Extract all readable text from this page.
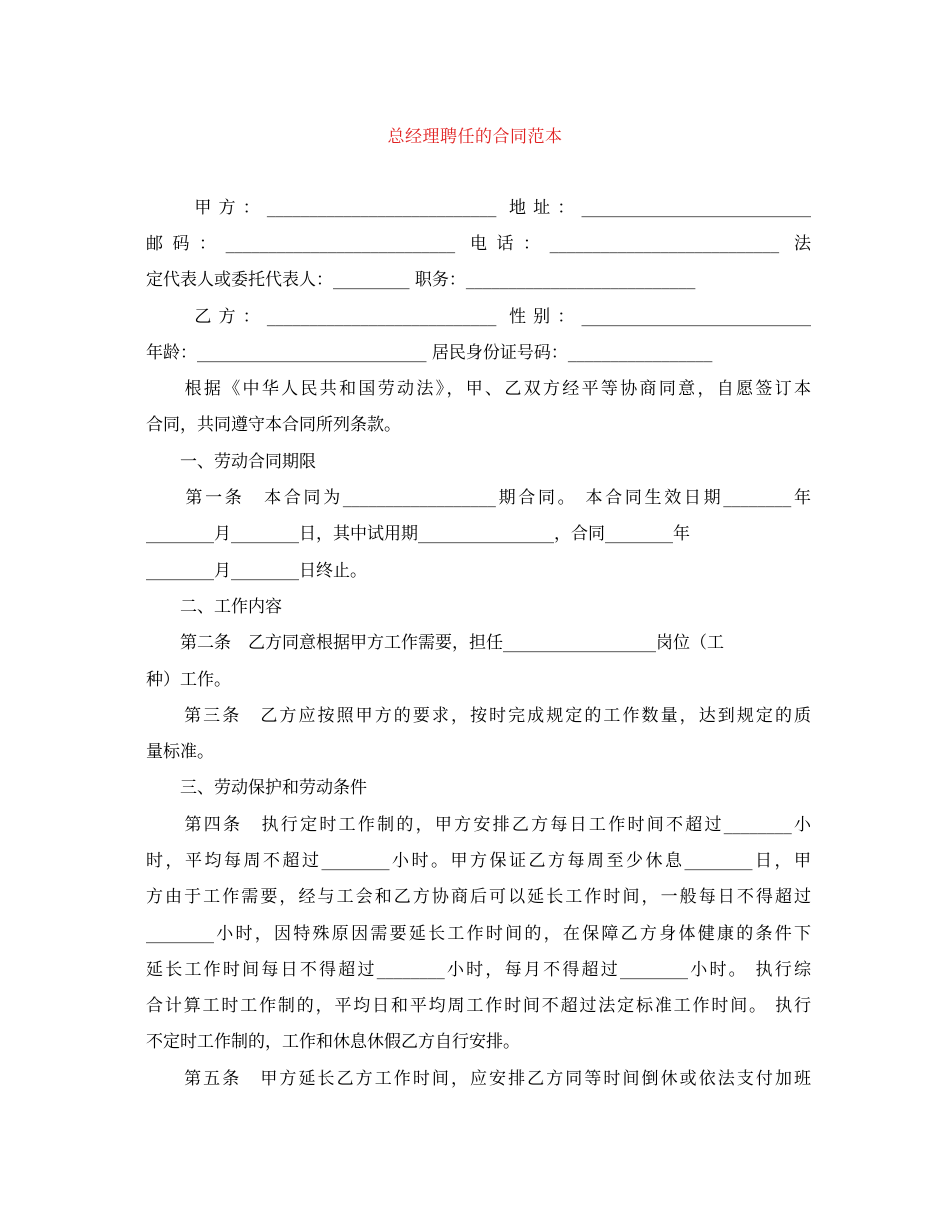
总经理聘任的合同范本
　　甲方：___________________________ 地址：___________________________
邮码：___________________________ 电话：___________________________ 法
定代表人或委托代表人：_________ 职务：___________________________
　　乙方：___________________________ 性别：___________________________
年龄：___________________________ 居民身份证号码：_________________
　　根据《中华人民共和国劳动法》，甲、乙双方经平等协商同意，自愿签订本
合同，共同遵守本合同所列条款。
　　一、劳动合同期限
　　第一条　本合同为__________________期合同。 本合同生效日期________年
________月________日，其中试用期________________，合同________年
________月________日终止。
　　二、工作内容
　　第二条　乙方同意根据甲方工作需要，担任__________________岗位（工
种）工作。
　　第三条　乙方应按照甲方的要求，按时完成规定的工作数量，达到规定的质
量标准。
　　三、劳动保护和劳动条件
　　第四条　执行定时工作制的，甲方安排乙方每日工作时间不超过________小
时，平均每周不超过________小时。甲方保证乙方每周至少休息________日，甲
方由于工作需要，经与工会和乙方协商后可以延长工作时间，一般每日不得超过
________小时，因特殊原因需要延长工作时间的，在保障乙方身体健康的条件下
延长工作时间每日不得超过________小时，每月不得超过________小时。 执行综
合计算工时工作制的，平均日和平均周工作时间不超过法定标准工作时间。 执行
不定时工作制的，工作和休息休假乙方自行安排。
　　第五条　甲方延长乙方工作时间，应安排乙方同等时间倒休或依法支付加班
